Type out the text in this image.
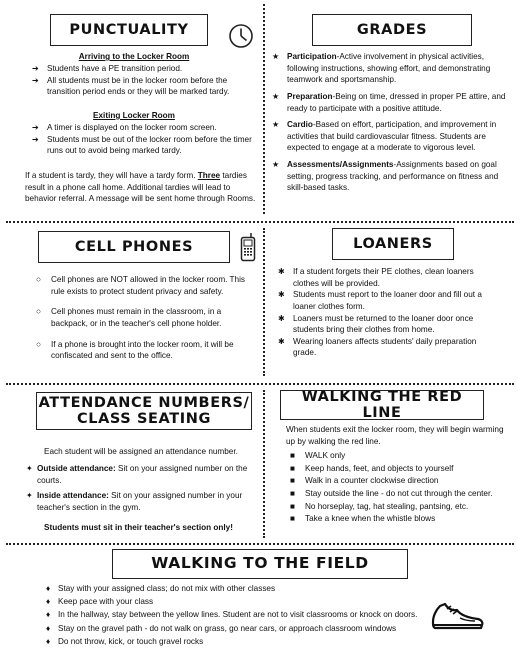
PUNCTUALITY
Arriving to the Locker Room
➔ Students have a PE transition period.
➔ All students must be in the locker room before the transition period ends or they will be marked tardy.
Exiting Locker Room
➔ A timer is displayed on the locker room screen.
➔ Students must be out of the locker room before the timer runs out to avoid being marked tardy.

If a student is tardy, they will have a tardy form. Three tardies result in a phone call home. Additional tardies will lead to behavior referral. A message will be sent home through Rooms.

GRADES
★ Participation-Active involvement in physical activities, following instructions, showing effort, and demonstrating teamwork and sportsmanship.
★ Preparation-Being on time, dressed in proper PE attire, and ready to participate with a positive attitude.
★ Cardio-Based on effort, participation, and improvement in activities that build cardiovascular fitness. Students are expected to engage at a moderate to vigorous level.
★ Assessments/Assignments-Assignments based on goal setting, progress tracking, and performance on fitness and skill-based tasks.
CELL PHONES
○	Cell phones are NOT allowed in the locker room. This rule exists to protect student privacy and safety.
○	Cell phones must remain in the classroom, in a backpack, or in the teacher's cell phone holder.
○	If a phone is brought into the locker room, it will be confiscated and sent to the office.
LOANERS
✱ If a student forgets their PE clothes, clean loaners clothes will be provided.
✱ Students must report to the loaner door and fill out a loaner clothes form.
✱ Loaners must be returned to the loaner door once students bring their clothes from home.
✱ Wearing loaners affects students' daily preparation grade.
ATTENDANCE NUMBERS/
CLASS SEATING
Each student will be assigned an attendance number.
✦ Outside attendance: Sit on your assigned number on the courts.
✦ Inside attendance: Sit on your assigned number in your teacher's section in the gym.
Students must sit in their teacher's section only!
WALKING THE RED LINE
When students exit the locker room, they will begin warming up by walking the red line.
■	WALK only
■	Keep hands, feet, and objects to yourself
■	Walk in a counter clockwise direction
■	Stay outside the line - do not cut through the center.
■	No horseplay, tag, hat stealing, pantsing, etc.
■	Take a knee when the whistle blows
WALKING TO THE FIELD
♦ Stay with your assigned class; do not mix with other classes
♦ Keep pace with your class
♦ In the hallway, stay between the yellow lines. Student are not to visit classrooms or knock on doors.
♦ Stay on the gravel path - do not walk on grass, go near cars, or approach classroom windows
♦ Do not throw, kick, or touch gravel rocks
